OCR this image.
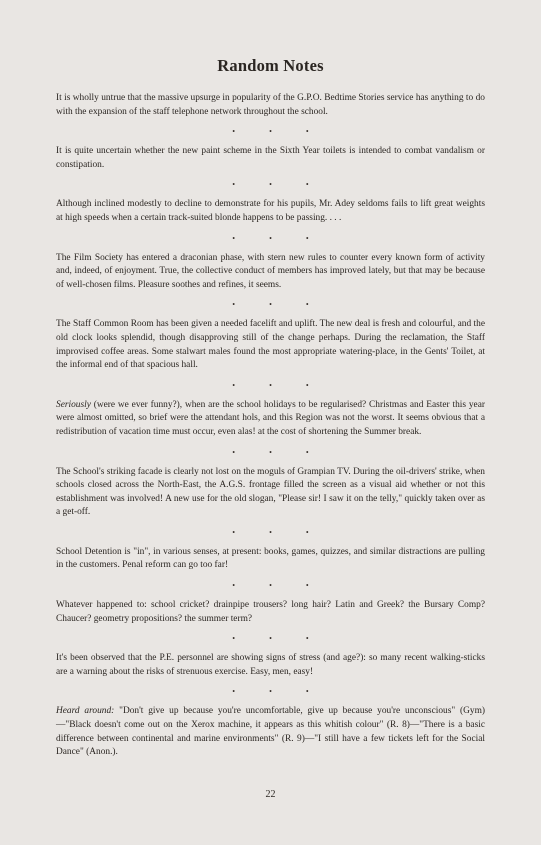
Random Notes

It is wholly untrue that the massive upsurge in popularity of the G.P.O. Bedtime Stories service has anything to do with the expansion of the staff telephone network throughout the school.

• • •

It is quite uncertain whether the new paint scheme in the Sixth Year toilets is intended to combat vandalism or constipation.

• • •

Although inclined modestly to decline to demonstrate for his pupils, Mr. Adey seldoms fails to lift great weights at high speeds when a certain track-suited blonde happens to be passing. . . .

• • •

The Film Society has entered a draconian phase, with stern new rules to counter every known form of activity and, indeed, of enjoyment. True, the collective conduct of members has improved lately, but that may be because of well-chosen films. Pleasure soothes and refines, it seems.

• • •

The Staff Common Room has been given a needed facelift and uplift. The new deal is fresh and colourful, and the old clock looks splendid, though disapproving still of the change perhaps. During the reclamation, the Staff improvised coffee areas. Some stalwart males found the most appropriate watering-place, in the Gents' Toilet, at the informal end of that spacious hall.

• • •

Seriously (were we ever funny?), when are the school holidays to be regularised? Christmas and Easter this year were almost omitted, so brief were the attendant hols, and this Region was not the worst. It seems obvious that a redistribution of vacation time must occur, even alas! at the cost of shortening the Summer break.

• • •

The School's striking facade is clearly not lost on the moguls of Grampian TV. During the oil-drivers' strike, when schools closed across the North-East, the A.G.S. frontage filled the screen as a visual aid whether or not this establishment was involved! A new use for the old slogan, "Please sir! I saw it on the telly," quickly taken over as a get-off.

• • •

School Detention is "in", in various senses, at present: books, games, quizzes, and similar distractions are pulling in the customers. Penal reform can go too far!

• • •

Whatever happened to: school cricket? drainpipe trousers? long hair? Latin and Greek? the Bursary Comp? Chaucer? geometry propositions? the summer term?

• • •

It's been observed that the P.E. personnel are showing signs of stress (and age?): so many recent walking-sticks are a warning about the risks of strenuous exercise. Easy, men, easy!

• • •

Heard around: "Don't give up because you're uncomfortable, give up because you're unconscious" (Gym)—"Black doesn't come out on the Xerox machine, it appears as this whitish colour" (R. 8)—"There is a basic difference between continental and marine environments" (R. 9)—"I still have a few tickets left for the Social Dance" (Anon.).

22
